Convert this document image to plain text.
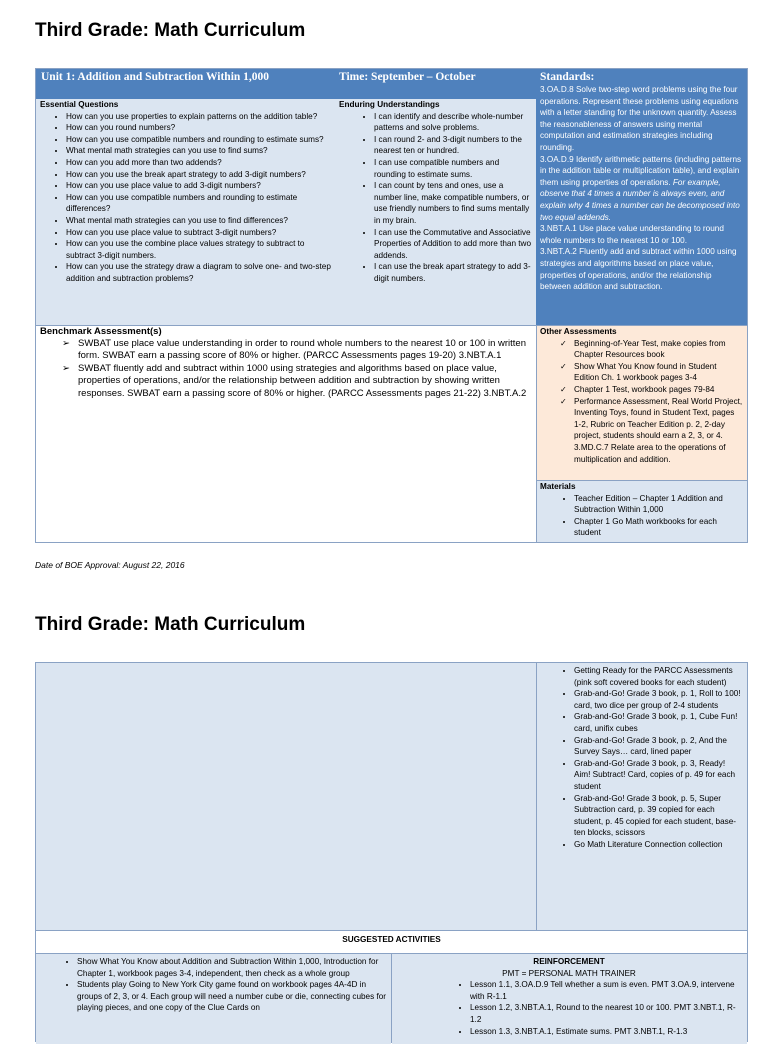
Third Grade: Math Curriculum
Unit 1: Addition and Subtraction Within 1,000	Time: September – October	Standards:
3.OA.D.8 Solve two-step word problems using the four operations. Represent these problems using equations with a letter standing for the unknown quantity. Assess the reasonableness of answers using mental computation and estimation strategies including rounding.
3.OA.D.9 Identify arithmetic patterns (including patterns in the addition table or multiplication table), and explain them using properties of operations. For example, observe that 4 times a number is always even, and explain why 4 times a number can be decomposed into two equal addends.
3.NBT.A.1 Use place value understanding to round whole numbers to the nearest 10 or 100.
3.NBT.A.2 Fluently add and subtract within 1000 using strategies and algorithms based on place value, properties of operations, and/or the relationship between addition and subtraction.
Essential Questions
• How can you use properties to explain patterns on the addition table?
• How can you round numbers?
• How can you use compatible numbers and rounding to estimate sums?
• What mental math strategies can you use to find sums?
• How can you add more than two addends?
• How can you use the break apart strategy to add 3-digit numbers?
• How can you use place value to add 3-digit numbers?
• How can you use compatible numbers and rounding to estimate differences?
• What mental math strategies can you use to find differences?
• How can you use place value to subtract 3-digit numbers?
• How can you use the combine place values strategy to subtract to subtract 3-digit numbers.
• How can you use the strategy draw a diagram to solve one- and two-step addition and subtraction problems?
Enduring Understandings
• I can identify and describe whole-number patterns and solve problems.
• I can round 2- and 3-digit numbers to the nearest ten or hundred.
• I can use compatible numbers and rounding to estimate sums.
• I can count by tens and ones, use a number line, make compatible numbers, or use friendly numbers to find sums mentally in my brain.
• I can use the Commutative and Associative Properties of Addition to add more than two addends.
• I can use the break apart strategy to add 3-digit numbers.
Benchmark Assessment(s)
➢ SWBAT use place value understanding in order to round whole numbers to the nearest 10 or 100 in written form. SWBAT earn a passing score of 80% or higher. (PARCC Assessments pages 19-20) 3.NBT.A.1
➢ SWBAT fluently add and subtract within 1000 using strategies and algorithms based on place value, properties of operations, and/or the relationship between addition and subtraction by showing written responses. SWBAT earn a passing score of 80% or higher. (PARCC Assessments pages 21-22) 3.NBT.A.2
Other Assessments
✓ Beginning-of-Year Test, make copies from Chapter Resources book
✓ Show What You Know found in Student Edition Ch. 1 workbook pages 3-4
✓ Chapter 1 Test, workbook pages 79-84
✓ Performance Assessment, Real World Project, Inventing Toys, found in Student Text, pages 1-2, Rubric on Teacher Edition p. 2, 2-day project, students should earn a 2, 3, or 4. 3.MD.C.7 Relate area to the operations of multiplication and addition.
Materials
• Teacher Edition – Chapter 1 Addition and Subtraction Within 1,000
• Chapter 1 Go Math workbooks for each student
Date of BOE Approval: August 22, 2016
Third Grade: Math Curriculum
• Getting Ready for the PARCC Assessments (pink soft covered books for each student)
• Grab-and-Go! Grade 3 book, p. 1, Roll to 100! card, two dice per group of 2-4 students
• Grab-and-Go! Grade 3 book, p. 1, Cube Fun! card, unifix cubes
• Grab-and-Go! Grade 3 book, p. 2, And the Survey Says… card, lined paper
• Grab-and-Go! Grade 3 book, p. 3, Ready! Aim! Subtract! Card, copies of p. 49 for each student
• Grab-and-Go! Grade 3 book, p. 5, Super Subtraction card, p. 39 copied for each student, p. 45 copied for each student, base-ten blocks, scissors
• Go Math Literature Connection collection
SUGGESTED ACTIVITIES
• Show What You Know about Addition and Subtraction Within 1,000, Introduction for Chapter 1, workbook pages 3-4, independent, then check as a whole group
• Students play Going to New York City game found on workbook pages 4A-4D in groups of 2, 3, or 4. Each group will need a number cube or die, connecting cubes for playing pieces, and one copy of the Clue Cards on
REINFORCEMENT
PMT = PERSONAL MATH TRAINER
• Lesson 1.1, 3.OA.D.9 Tell whether a sum is even. PMT 3.OA.9, intervene with R-1.1
• Lesson 1.2, 3.NBT.A.1, Round to the nearest 10 or 100. PMT 3.NBT.1, R-1.2
• Lesson 1.3, 3.NBT.A.1, Estimate sums. PMT 3.NBT.1, R-1.3
